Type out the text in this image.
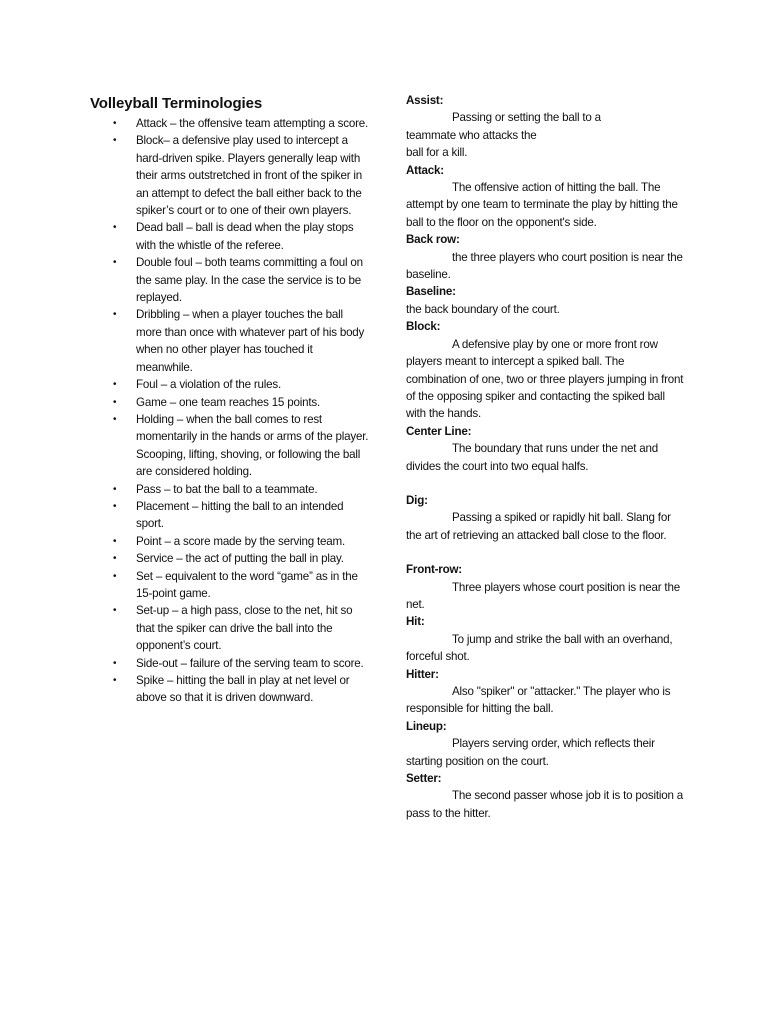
Volleyball Terminologies
• Attack – the offensive team attempting a score.
• Block– a defensive play used to intercept a hard-driven spike. Players generally leap with their arms outstretched in front of the spiker in an attempt to defect the ball either back to the spiker’s court or to one of their own players.
• Dead ball – ball is dead when the play stops with the whistle of the referee.
• Double foul – both teams committing a foul on the same play. In the case the service is to be replayed.
• Dribbling – when a player touches the ball more than once with whatever part of his body when no other player has touched it meanwhile.
• Foul – a violation of the rules.
• Game – one team reaches 15 points.
• Holding – when the ball comes to rest momentarily in the hands or arms of the player. Scooping, lifting, shoving, or following the ball are considered holding.
• Pass – to bat the ball to a teammate.
• Placement – hitting the ball to an intended sport.
• Point – a score made by the serving team.
• Service – the act of putting the ball in play.
• Set – equivalent to the word “game” as in the 15-point game.
• Set-up – a high pass, close to the net, hit so that the spiker can drive the ball into the opponent’s court.
• Side-out – failure of the serving team to score.
• Spike – hitting the ball in play at net level or above so that it is driven downward.
Assist:

Passing or setting the ball to a
teammate who attacks the
ball for a kill.

Attack:

The offensive action of hitting the ball. The attempt by one team to terminate the play by hitting the ball to the floor on the opponent's side.

Back row:

the three players who court position is near the baseline.

Baseline:

the back boundary of the court.

Block:

A defensive play by one or more front row players meant to intercept a spiked ball. The combination of one, two or three players jumping in front of the opposing spiker and contacting the spiked ball with the hands.

Center Line:

The boundary that runs under the net and divides the court into two equal halfs.

Dig:

Passing a spiked or rapidly hit ball. Slang for the art of retrieving an attacked ball close to the floor.

Front-row:

Three players whose court position is near the net.

Hit:

To jump and strike the ball with an overhand, forceful shot.

Hitter:

Also "spiker" or "attacker." The player who is responsible for hitting the ball.

Lineup:

Players serving order, which reflects their starting position on the court.

Setter:

The second passer whose job it is to position a pass to the hitter.
